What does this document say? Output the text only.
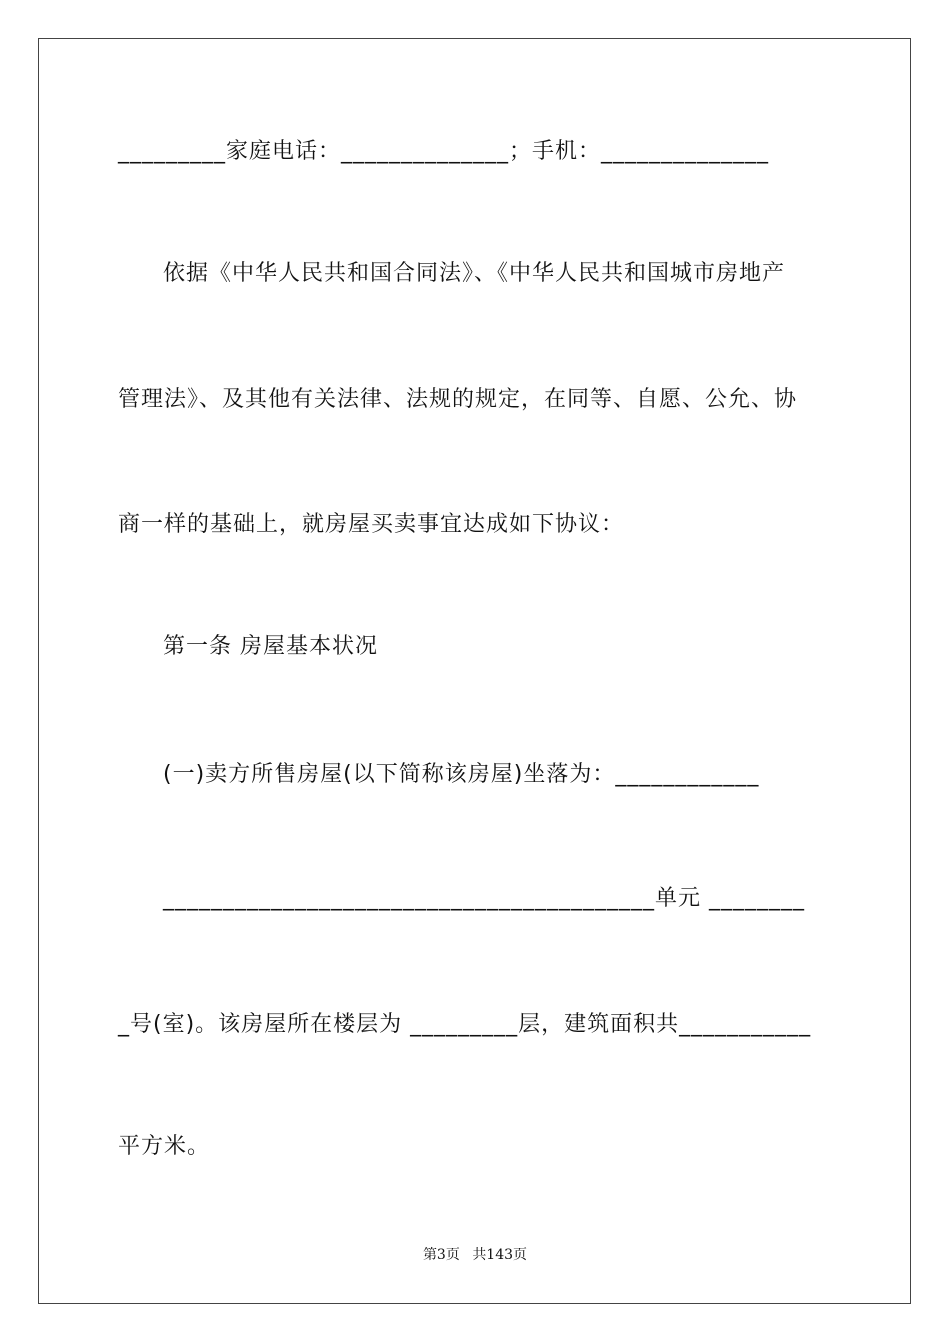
_________家庭电话：______________；手机：______________
依据《中华人民共和国合同法》、《中华人民共和国城市房地产
管理法》、及其他有关法律、法规的规定，在同等、自愿、公允、协
商一样的基础上，就房屋买卖事宜达成如下协议：
第一条 房屋基本状况
(一)卖方所售房屋(以下简称该房屋)坐落为：____________
_________________________________________单元 ________
_号(室)。该房屋所在楼层为 _________层，建筑面积共___________
平方米。
第3页 共143页
